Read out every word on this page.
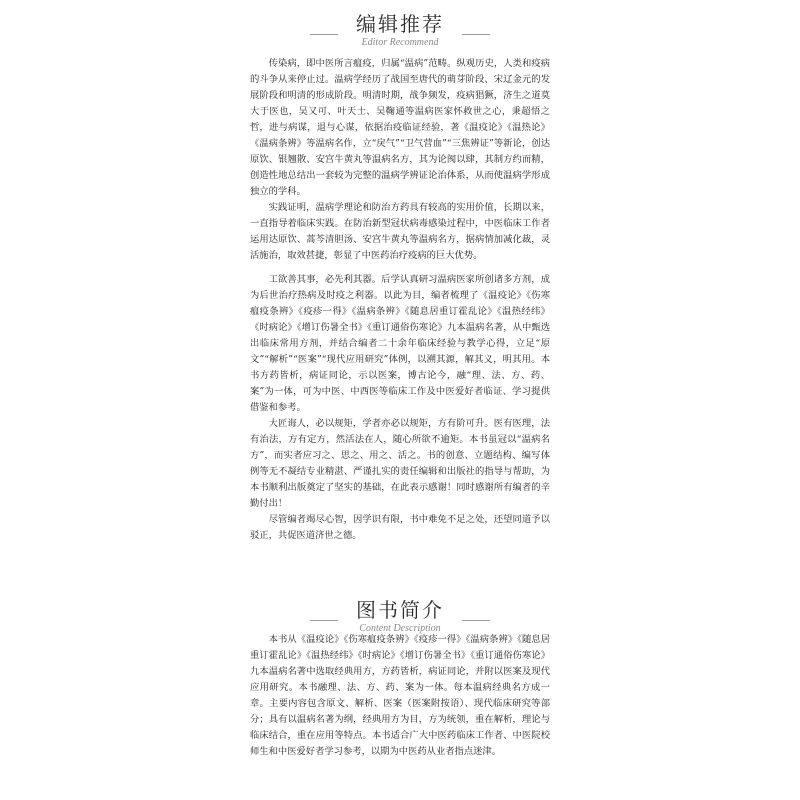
编辑推荐
Editor Recommend

传染病，即中医所言瘟疫，归属“温病”范畴。纵观历史，人类和疫病的斗争从来停止过。温病学经历了战国至唐代的萌芽阶段、宋辽金元的发展阶段和明清的形成阶段。明清时期，战争频发，疫病猖獗，济生之道莫大于医也，吴又可、叶天士、吴鞠通等温病医家怀救世之心，秉超悟之哲，进与病谋，退与心谋，依据治疫临证经验，著《温疫论》《温热论》《温病条辨》等温病名作，立“戾气”“卫气营血”“三焦辨证”等新论，创达原饮、银翘散、安宫牛黄丸等温病名方，其为论阂以肆，其制方约而精，创造性地总结出一套较为完整的温病学辨证论治体系，从而使温病学形成独立的学科。

实践证明，温病学理论和防治方药具有较高的实用价值，长期以来，一直指导着临床实践。在防治新型冠状病毒感染过程中，中医临床工作者运用达原饮、蒿芩清胆汤、安宫牛黄丸等温病名方，据病情加减化裁，灵活施治，取效甚捷，彰显了中医药治疗疫病的巨大优势。

工欲善其事，必先利其器。后学认真研习温病医家所创诸多方剂，成为后世治疗热病及时疫之利器。以此为目，编者梳理了《温疫论》《伤寒瘟疫条辨》《疫疹一得》《温病条辨》《随息居重订霍乱论》《温热经纬》《时病论》《增订伤暑全书》《重订通俗伤寒论》九本温病名著，从中甄选出临床常用方剂，并结合编者二十余年临床经验与教学心得，立足“原文”“解析”“医案”“现代应用研究”体例，以溯其源，解其义，明其用。本书方药皆析，病证同论，示以医案，博古论今，融“理、法、方、药、案”为一体，可为中医、中西医等临床工作及中医爱好者临证、学习提供借鉴和参考。

大匠诲人，必以规矩，学者亦必以规矩，方有阶可升。医有医理，法有治法，方有定方，然活法在人，随心所欲不逾矩。本书虽冠以“温病名方”，而实者应习之、思之、用之、活之。书的创意、立题结构、编写体例等无不凝结专业精湛、严谨扎实的责任编辑和出版社的指导与帮助，为本书顺利出版奠定了坚实的基础，在此表示感谢！同时感谢所有编者的辛勤付出！

尽管编者竭尽心智，因学识有限，书中难免不足之处，还望同道予以驳正，共促医道济世之德。

图书简介
Content Description

本书从《温疫论》《伤寒瘟疫条辨》《疫疹一得》《温病条辨》《随息居重订霍乱论》《温热经纬》《时病论》《增订伤暑全书》《重订通俗伤寒论》九本温病名著中选取经典用方，方药皆析，病证同论，并附以医案及现代应用研究。本书融理、法、方、药、案为一体。每本温病经典名方成一章。主要内容包含原文、解析、医案（医案附按语）、现代临床研究等部分；具有以温病名著为纲，经典用方为目，方为统领，重在解析，理论与临床结合，重在应用等特点。本书适合广大中医药临床工作者、中医院校师生和中医爱好者学习参考，以期为中医药从业者指点迷津。
